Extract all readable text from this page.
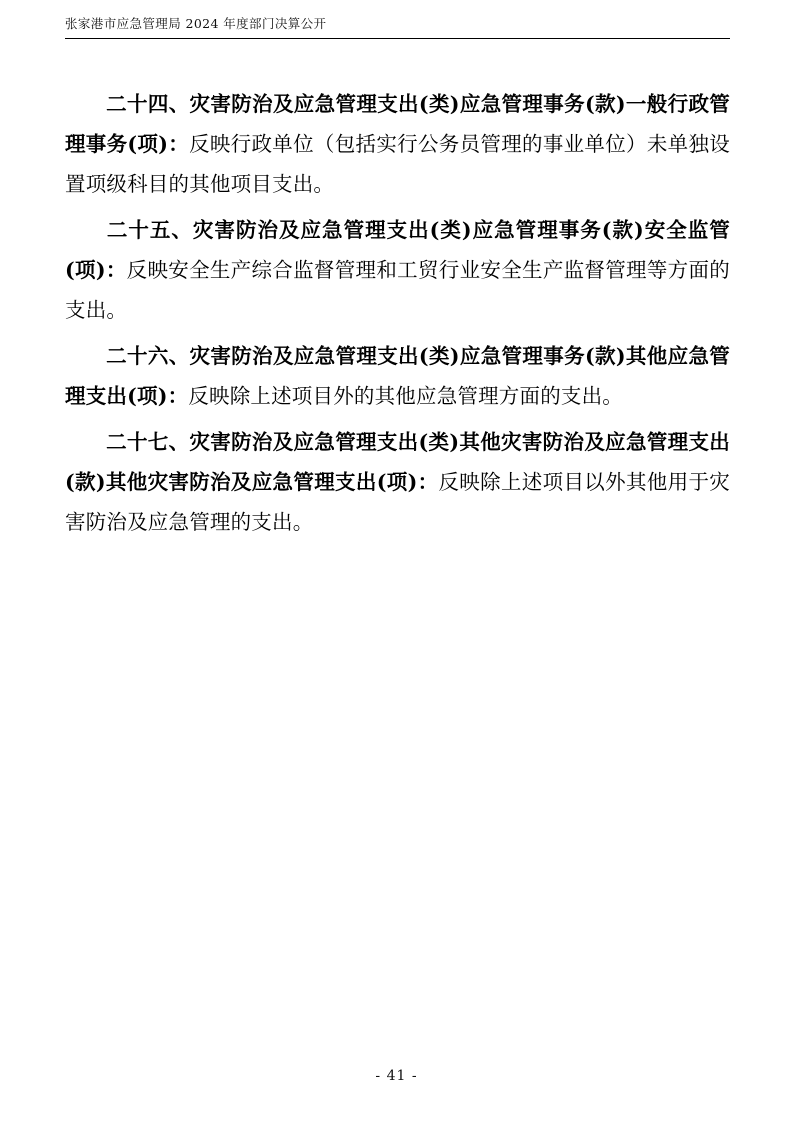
张家港市应急管理局 2024 年度部门决算公开

二十四、灾害防治及应急管理支出(类)应急管理事务(款)一般行政管理事务(项)：反映行政单位（包括实行公务员管理的事业单位）未单独设置项级科目的其他项目支出。

二十五、灾害防治及应急管理支出(类)应急管理事务(款)安全监管(项)：反映安全生产综合监督管理和工贸行业安全生产监督管理等方面的支出。

二十六、灾害防治及应急管理支出(类)应急管理事务(款)其他应急管理支出(项)：反映除上述项目外的其他应急管理方面的支出。

二十七、灾害防治及应急管理支出(类)其他灾害防治及应急管理支出(款)其他灾害防治及应急管理支出(项)：反映除上述项目以外其他用于灾害防治及应急管理的支出。

- 41 -
